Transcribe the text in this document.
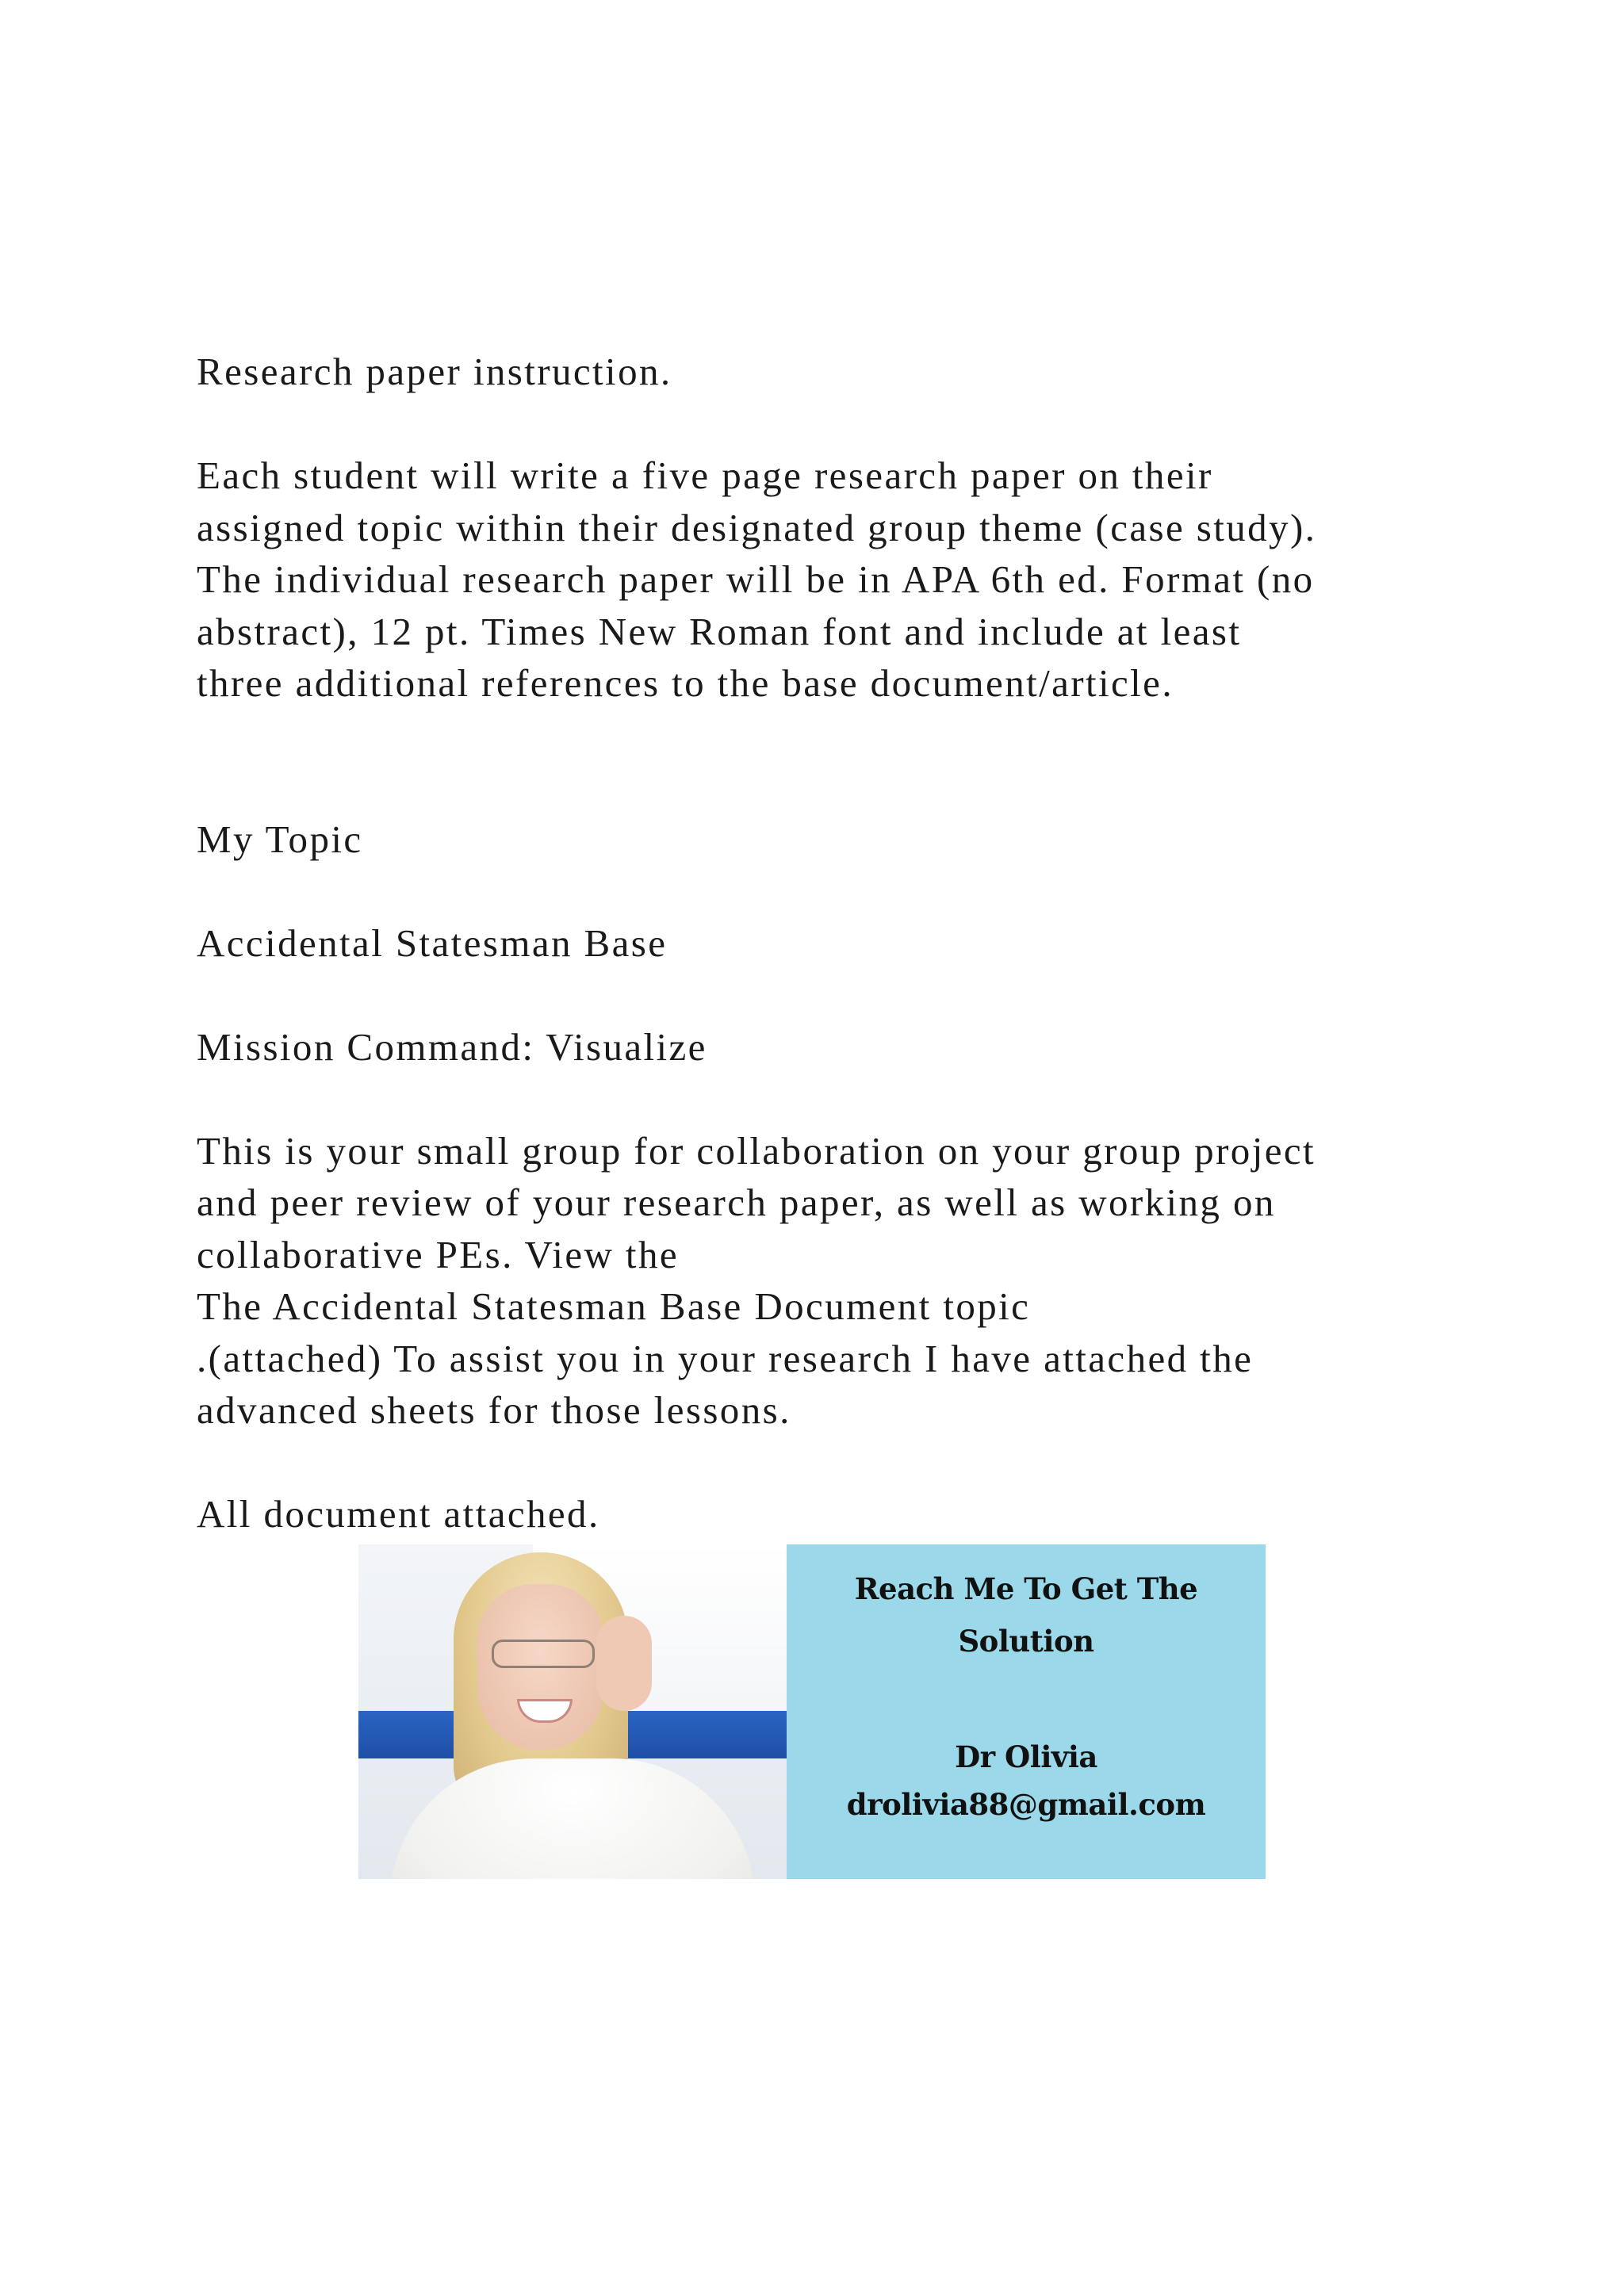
Research paper instruction.

Each student will write a five page research paper on their
assigned topic within their designated group theme (case study).
The individual research paper will be in APA 6th ed. Format (no
abstract), 12 pt. Times New Roman font and include at least
three additional references to the base document/article.

My Topic

Accidental Statesman Base

Mission Command: Visualize

This is your small group for collaboration on your group project
and peer review of your research paper, as well as working on
collaborative PEs. View the
The Accidental Statesman Base Document topic
.(attached) To assist you in your research I have attached the
advanced sheets for those lessons.

All document attached.

Reach Me To Get The
Solution
Dr Olivia
drolivia88@gmail.com
